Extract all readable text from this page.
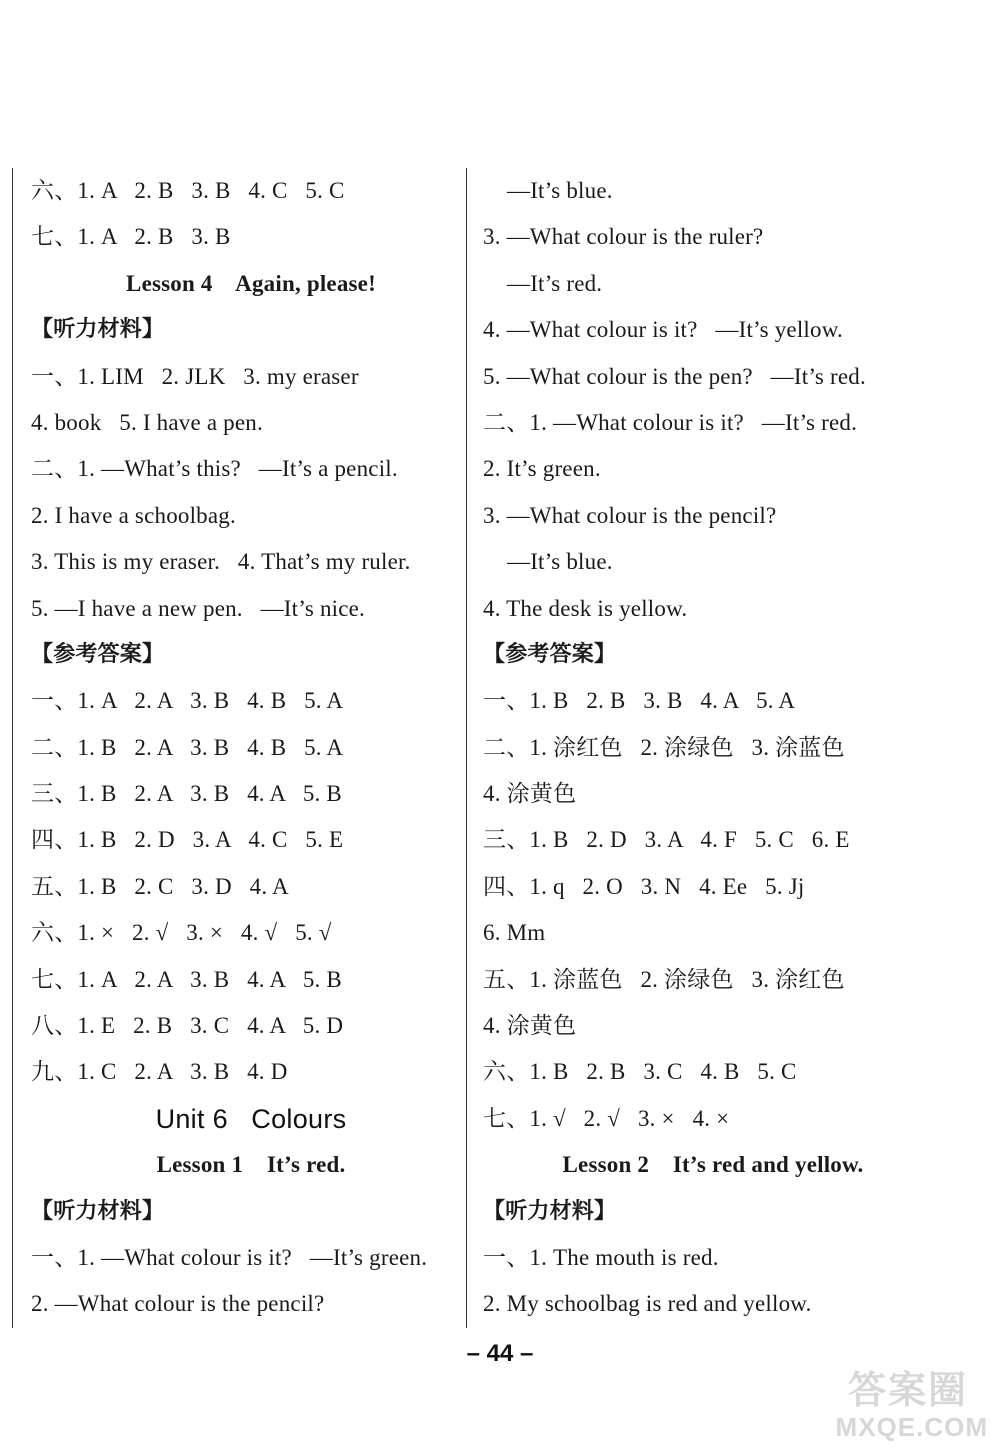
六、1. A   2. B   3. B   4. C   5. C
七、1. A   2. B   3. B
Lesson 4    Again, please!
【听力材料】
一、1. LIM   2. JLK   3. my eraser
4. book   5. I have a pen.
二、1. —What’s this?   —It’s a pencil.
2. I have a schoolbag.
3. This is my eraser.   4. That’s my ruler.
5. —I have a new pen.   —It’s nice.
【参考答案】
一、1. A   2. A   3. B   4. B   5. A
二、1. B   2. A   3. B   4. B   5. A
三、1. B   2. A   3. B   4. A   5. B
四、1. B   2. D   3. A   4. C   5. E
五、1. B   2. C   3. D   4. A
六、1. ×   2. √   3. ×   4. √   5. √
七、1. A   2. A   3. B   4. A   5. B
八、1. E   2. B   3. C   4. A   5. D
九、1. C   2. A   3. B   4. D
Unit 6   Colours
Lesson 1    It’s red.
【听力材料】
一、1. —What colour is it?   —It’s green.
2. —What colour is the pencil?
—It’s blue.
3. —What colour is the ruler?
—It’s red.
4. —What colour is it?   —It’s yellow.
5. —What colour is the pen?   —It’s red.
二、1. —What colour is it?   —It’s red.
2. It’s green.
3. —What colour is the pencil?
—It’s blue.
4. The desk is yellow.
【参考答案】
一、1. B   2. B   3. B   4. A   5. A
二、1. 涂红色   2. 涂绿色   3. 涂蓝色
4. 涂黄色
三、1. B   2. D   3. A   4. F   5. C   6. E
四、1. q   2. O   3. N   4. Ee   5. Jj
6. Mm
五、1. 涂蓝色   2. 涂绿色   3. 涂红色
4. 涂黄色
六、1. B   2. B   3. C   4. B   5. C
七、1. √   2. √   3. ×   4. ×
Lesson 2    It’s red and yellow.
【听力材料】
一、1. The mouth is red.
2. My schoolbag is red and yellow.
– 44 –
答案圈
MXQE.COM
